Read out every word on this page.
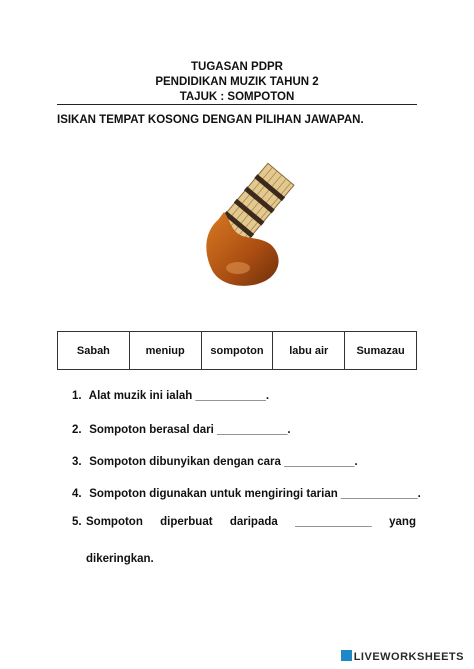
TUGASAN PDPR
PENDIDIKAN MUZIK TAHUN 2
TAJUK : SOMPOTON
ISIKAN TEMPAT KOSONG DENGAN PILIHAN JAWAPAN.
Sabah	meniup	sompoton	labu air	Sumazau
1. Alat muzik ini ialah ___________.
2. Sompoton berasal dari ___________.
3. Sompoton dibunyikan dengan cara ___________.
4. Sompoton digunakan untuk mengiringi tarian ____________.
5. Sompoton diperbuat daripada ____________ yang
dikeringkan.
LIVEWORKSHEETS
